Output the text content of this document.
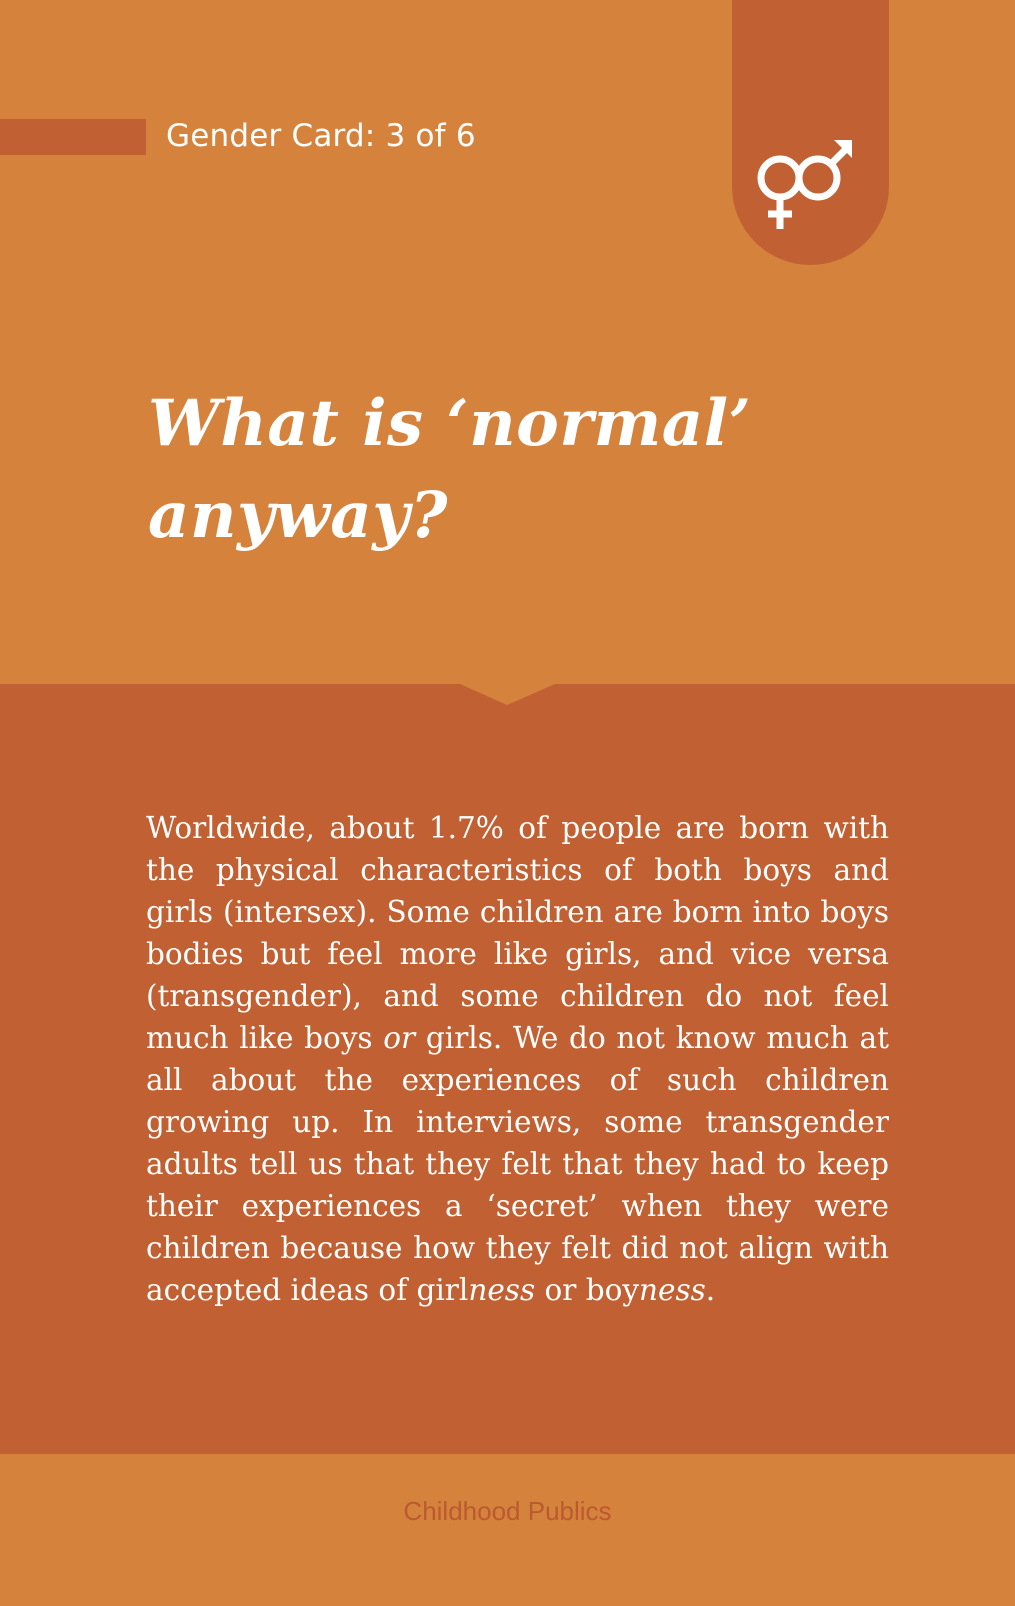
Gender Card: 3 of 6
What is ‘normal’
anyway?

Worldwide, about 1.7% of people are born with the physical characteristics of both boys and girls (intersex). Some children are born into boys bodies but feel more like girls, and vice versa (transgender), and some children do not feel much like boys or girls. We do not know much at all about the experiences of such children growing up. In interviews, some transgender adults tell us that they felt that they had to keep their experiences a ‘secret’ when they were children because how they felt did not align with accepted ideas of girlness or boyness.

Childhood Publics
